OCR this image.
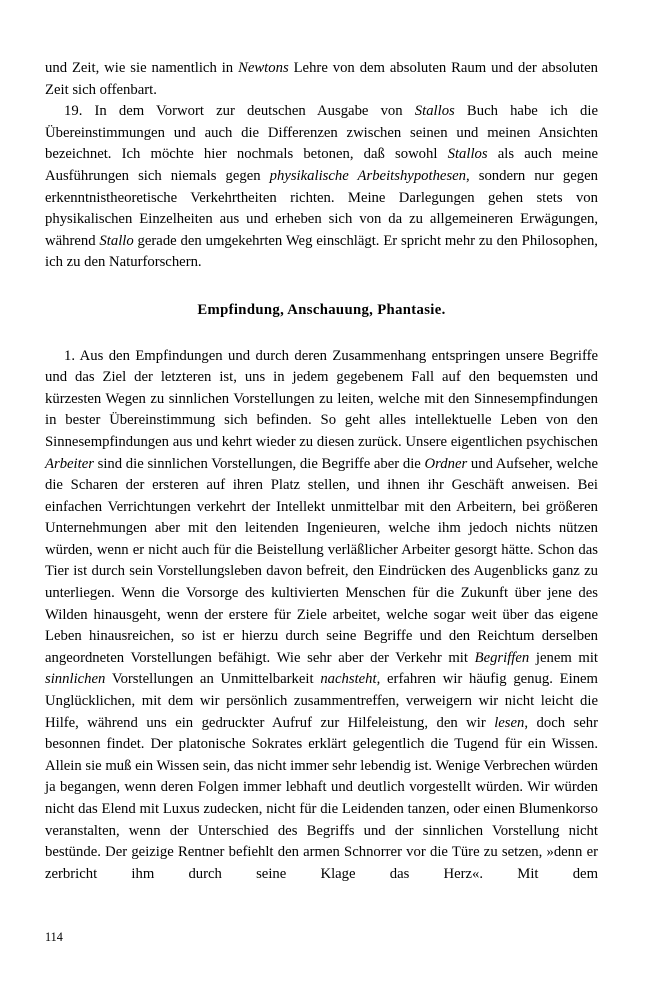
und Zeit, wie sie namentlich in Newtons Lehre von dem absoluten Raum und der absoluten Zeit sich offenbart.

19. In dem Vorwort zur deutschen Ausgabe von Stallos Buch habe ich die Übereinstimmungen und auch die Differenzen zwischen seinen und meinen Ansichten bezeichnet. Ich möchte hier nochmals betonen, daß sowohl Stallos als auch meine Ausführungen sich niemals gegen physikalische Arbeitshypothesen, sondern nur gegen erkenntnistheoretische Verkehrtheiten richten. Meine Darlegungen gehen stets von physikalischen Einzelheiten aus und erheben sich von da zu allgemeineren Erwägungen, während Stallo gerade den umgekehrten Weg einschlägt. Er spricht mehr zu den Philosophen, ich zu den Naturforschern.

Empfindung, Anschauung, Phantasie.

1. Aus den Empfindungen und durch deren Zusammenhang entspringen unsere Begriffe und das Ziel der letzteren ist, uns in jedem gegebenem Fall auf den bequemsten und kürzesten Wegen zu sinnlichen Vorstellungen zu leiten, welche mit den Sinnesempfindungen in bester Übereinstimmung sich befinden. So geht alles intellektuelle Leben von den Sinnesempfindungen aus und kehrt wieder zu diesen zurück. Unsere eigentlichen psychischen Arbeiter sind die sinnlichen Vorstellungen, die Begriffe aber die Ordner und Aufseher, welche die Scharen der ersteren auf ihren Platz stellen, und ihnen ihr Geschäft anweisen. Bei einfachen Verrichtungen verkehrt der Intellekt unmittelbar mit den Arbeitern, bei größeren Unternehmungen aber mit den leitenden Ingenieuren, welche ihm jedoch nichts nützen würden, wenn er nicht auch für die Beistellung verläßlicher Arbeiter gesorgt hätte. Schon das Tier ist durch sein Vorstellungsleben davon befreit, den Eindrücken des Augenblicks ganz zu unterliegen. Wenn die Vorsorge des kultivierten Menschen für die Zukunft über jene des Wilden hinausgeht, wenn der erstere für Ziele arbeitet, welche sogar weit über das eigene Leben hinausreichen, so ist er hierzu durch seine Begriffe und den Reichtum derselben angeordneten Vorstellungen befähigt. Wie sehr aber der Verkehr mit Begriffen jenem mit sinnlichen Vorstellungen an Unmittelbarkeit nachsteht, erfahren wir häufig genug. Einem Unglücklichen, mit dem wir persönlich zusammentreffen, verweigern wir nicht leicht die Hilfe, während uns ein gedruckter Aufruf zur Hilfeleistung, den wir lesen, doch sehr besonnen findet. Der platonische Sokrates erklärt gelegentlich die Tugend für ein Wissen. Allein sie muß ein Wissen sein, das nicht immer sehr lebendig ist. Wenige Verbrechen würden ja begangen, wenn deren Folgen immer lebhaft und deutlich vorgestellt würden. Wir würden nicht das Elend mit Luxus zudecken, nicht für die Leidenden tanzen, oder einen Blumenkorso veranstalten, wenn der Unterschied des Begriffs und der sinnlichen Vorstellung nicht bestünde. Der geizige Rentner befiehlt den armen Schnorrer vor die Türe zu setzen, »denn er zerbricht ihm durch seine Klage das Herz«. Mit dem

114
